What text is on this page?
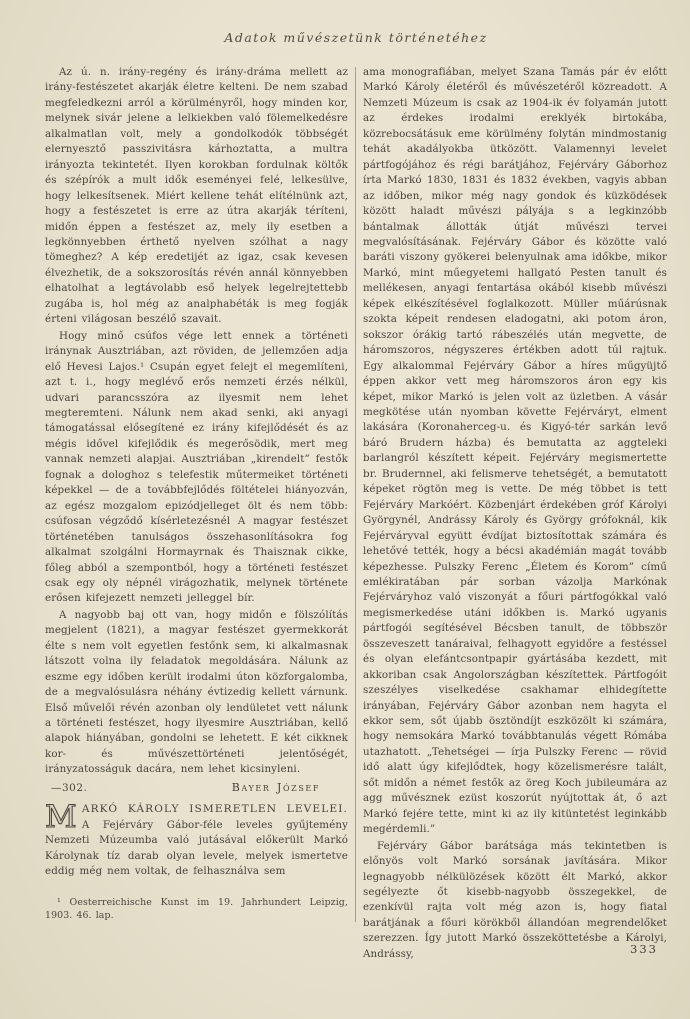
Adatok művészetünk történetéhez

Az ú. n. irány-regény és irány-dráma mellett az irány-festészetet akarják életre kelteni. De nem szabad megfeledkezni arról a körülményről, hogy minden kor, melynek sivár jelene a lelkiekben való fölemelkedésre alkalmatlan volt, mely a gondolkodók többségét elernyesztő passzivitásra kárhoztatta, a multra irányozta tekintetét. Ilyen korokban fordulnak költők és szépírók a mult idők eseményei felé, lelkesülve, hogy lelkesítsenek. Miért kellene tehát elítélnünk azt, hogy a festészetet is erre az útra akarják téríteni, midőn éppen a festészet az, mely ily esetben a legkönnyebben érthető nyelven szólhat a nagy tömeghez? A kép eredetijét az igaz, csak kevesen élvezhetik, de a sokszorosítás révén annál könnyebben elhatolhat a legtávolabb eső helyek legelrejtettebb zugába is, hol még az analphabéták is meg fogják érteni világosan beszélő szavait.

Hogy minő csúfos vége lett ennek a történeti iránynak Ausztriában, azt röviden, de jellemzően adja elő Hevesi Lajos.¹ Csupán egyet felejt el megemlíteni, azt t. i., hogy meglévő erős nemzeti érzés nélkül, udvari parancsszóra az ilyesmit nem lehet megteremteni. Nálunk nem akad senki, aki anyagi támogatással elősegítené ez irány kifejlődését és az mégis idővel kifejlődik és megerősödik, mert meg vannak nemzeti alapjai. Ausztriában „kirendelt” festők fognak a dologhoz s telefestik műtermeiket történeti képekkel — de a továbbfejlődés föltételei hiányozván, az egész mozgalom epizódjelleget ölt és nem több: csúfosan végződő kísérletezésnél A magyar festészet történetében tanulságos összehasonlításokra fog alkalmat szolgálni Hormayrnak és Thaisznak cikke, főleg abból a szempontból, hogy a történeti festészet csak egy oly népnél virágozhatik, melynek története erősen kifejezett nemzeti jelleggel bír.

A nagyobb baj ott van, hogy midőn e fölszólítás megjelent (1821), a magyar festészet gyermekkorát élte s nem volt egyetlen festőnk sem, ki alkalmasnak látszott volna ily feladatok megoldására. Nálunk az eszme egy időben került irodalmi úton közforgalomba, de a megvalósulásra néhány évtizedig kellett várnunk. Első művelői révén azonban oly lendületet vett nálunk a történeti festészet, hogy ilyesmire Ausztriában, kellő alapok hiányában, gondolni se lehetett. E két cikknek kor- és művészettörténeti jelentőségét, irányzatosságuk dacára, nem lehet kicsinyleni.

—302.	Bayer József

MARKÓ KÁROLY ISMERETLEN LEVELEI. A Fejérváry Gábor-féle leveles gyűjtemény Nemzeti Múzeumba való jutásával előkerült Markó Károlynak tíz darab olyan levele, melyek ismertetve eddig még nem voltak, de felhasználva sem

¹ Oesterreichische Kunst im 19. Jahrhundert Leipzig, 1903. 46. lap.

ama monografiában, melyet Szana Tamás pár év előtt Markó Károly életéről és művészetéről közreadott. A Nemzeti Múzeum is csak az 1904-ik év folyamán jutott az érdekes irodalmi ereklyék birtokába, közrebocsátásuk eme körülmény folytán mindmostanig tehát akadályokba ütközött. Valamennyi levelet pártfogójához és régi barátjához, Fejérváry Gáborhoz írta Markó 1830, 1831 és 1832 években, vagyis abban az időben, mikor még nagy gondok és küzködések között haladt művészi pályája s a legkinzóbb bántalmak állották útját művészi tervei megvalósításának. Fejérváry Gábor és közötte való baráti viszony gyökerei belenyulnak ama időkbe, mikor Markó, mint műegyetemi hallgató Pesten tanult és mellékesen, anyagi fentartása okából kisebb művészi képek elkészítésével foglalkozott. Müller műárúsnak szokta képeit rendesen eladogatni, aki potom áron, sokszor órákig tartó rábeszélés után megvette, de háromszoros, négyszeres értékben adott túl rajtuk. Egy alkalommal Fejérváry Gábor a híres műgyüjtő éppen akkor vett meg háromszoros áron egy kis képet, mikor Markó is jelen volt az üzletben. A vásár megkötése után nyomban követte Fejérváryt, elment lakására (Koronaherceg-u. és Kigyó-tér sarkán levő báró Brudern házba) és bemutatta az aggteleki barlangról készített képeit. Fejérváry megismertette br. Brudernnel, aki felismerve tehetségét, a bemutatott képeket rögtön meg is vette. De még többet is tett Fejérváry Markóért. Közbenjárt érdekében gróf Károlyi Györgynél, Andrássy Károly és György grófoknál, kik Fejérváryval együtt évdíjat biztosítottak számára és lehetővé tették, hogy a bécsi akadémián magát tovább képezhesse. Pulszky Ferenc „Életem és Korom” című emlékiratában pár sorban vázolja Markónak Fejérváryhoz való viszonyát a főuri pártfogókkal való megismerkedése utáni időkben is. Markó ugyanis pártfogói segítésével Bécsben tanult, de többször összeveszett tanáraival, felhagyott egyidőre a festéssel és olyan elefántcsontpapir gyártásába kezdett, mit akkoriban csak Angolországban készítettek. Pártfogóit szeszélyes viselkedése csakhamar elhidegítette irányában, Fejérváry Gábor azonban nem hagyta el ekkor sem, sőt újabb ösztöndíjt eszközölt ki számára, hogy nemsokára Markó továbbtanulás végett Rómába utazhatott. „Tehetségei — írja Pulszky Ferenc — rövid idő alatt úgy kifejlődtek, hogy közelismerésre talált, sőt midőn a német festők az öreg Koch jubileumára az agg művésznek ezüst koszorút nyújtottak át, ő azt Markó fejére tette, mint ki az ily kitüntetést leginkább megérdemli.”

Fejérváry Gábor barátsága más tekintetben is előnyös volt Markó sorsának javítására. Mikor legnagyobb nélkülözések között élt Markó, akkor segélyezte őt kisebb-nagyobb összegekkel, de ezenkívül rajta volt még azon is, hogy fiatal barátjának a főuri körökből állandóan megrendelőket szerezzen. Így jutott Markó összeköttetésbe a Károlyi, Andrássy,	333
